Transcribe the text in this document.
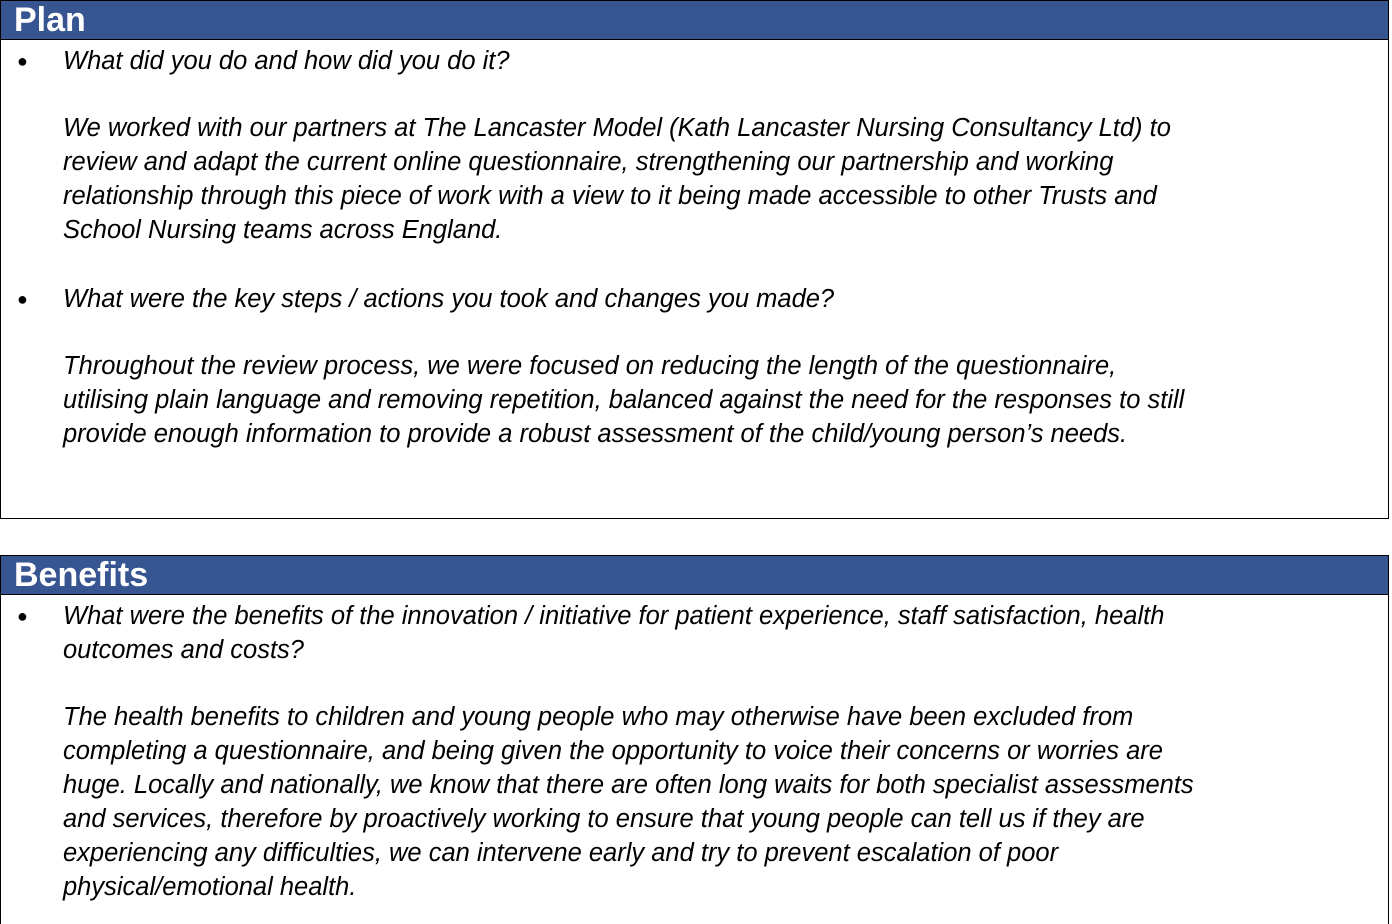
Plan
● What did you do and how did you do it?

We worked with our partners at The Lancaster Model (Kath Lancaster Nursing Consultancy Ltd) to
review and adapt the current online questionnaire, strengthening our partnership and working
relationship through this piece of work with a view to it being made accessible to other Trusts and
School Nursing teams across England.

● What were the key steps / actions you took and changes you made?

Throughout the review process, we were focused on reducing the length of the questionnaire,
utilising plain language and removing repetition, balanced against the need for the responses to still
provide enough information to provide a robust assessment of the child/young person’s needs.

Benefits
● What were the benefits of the innovation / initiative for patient experience, staff satisfaction, health
outcomes and costs?

The health benefits to children and young people who may otherwise have been excluded from
completing a questionnaire, and being given the opportunity to voice their concerns or worries are
huge. Locally and nationally, we know that there are often long waits for both specialist assessments
and services, therefore by proactively working to ensure that young people can tell us if they are
experiencing any difficulties, we can intervene early and try to prevent escalation of poor
physical/emotional health.
